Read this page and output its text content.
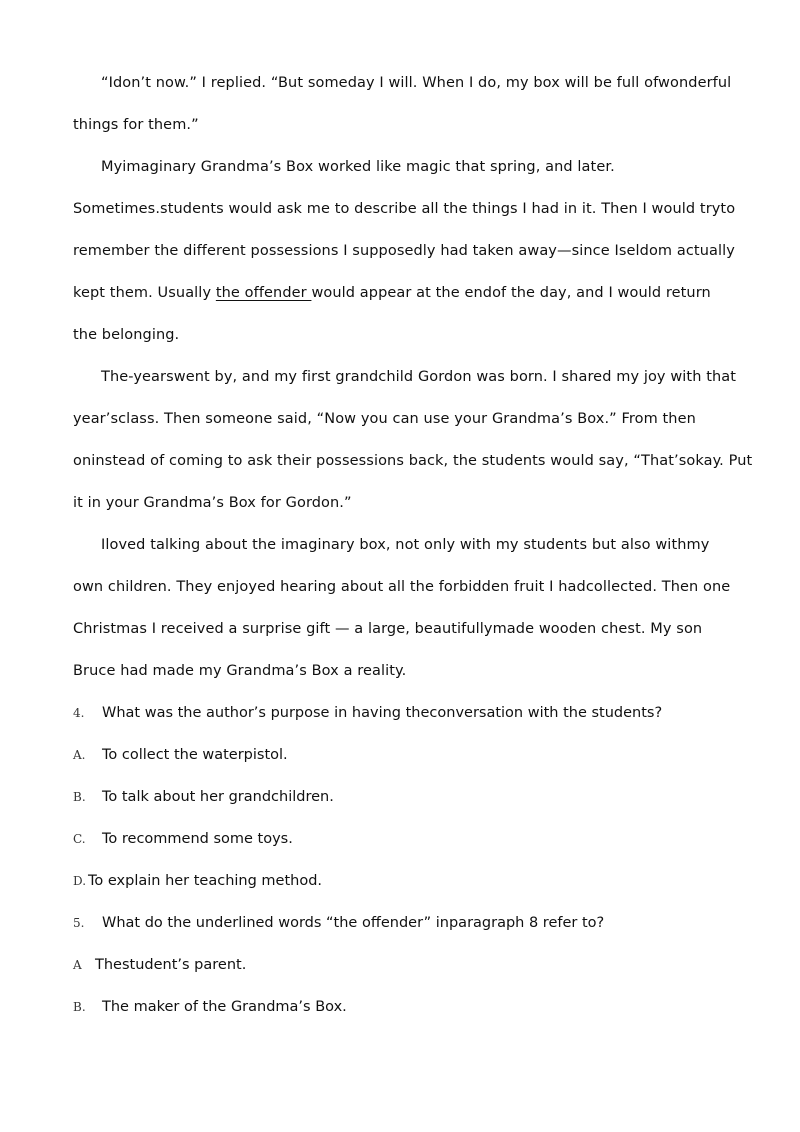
“Idon’t now.” I replied. “But someday I will. When I do, my box will be full ofwonderful
things for them.”
Myimaginary Grandma’s Box worked like magic that spring, and later.
Sometimes.students would ask me to describe all the things I had in it. Then I would tryto
remember the different possessions I supposedly had taken away—since Iseldom actually
kept them. Usually the offender would appear at the endof the day, and I would return
the belonging.
The-yearswent by, and my first grandchild Gordon was born. I shared my joy with that
year’sclass. Then someone said, “Now you can use your Grandma’s Box.” From then
oninstead of coming to ask their possessions back, the students would say, “That’sokay. Put
it in your Grandma’s Box for Gordon.”
Iloved talking about the imaginary box, not only with my students but also withmy
own children. They enjoyed hearing about all the forbidden fruit I hadcollected. Then one
Christmas I received a surprise gift — a large, beautifullymade wooden chest. My son
Bruce had made my Grandma’s Box a reality.
4. What was the author’s purpose in having theconversation with the students?
A. To collect the waterpistol.
B. To talk about her grandchildren.
C. To recommend some toys.
D. To explain her teaching method.
5. What do the underlined words “the offender” inparagraph 8 refer to?
A Thestudent’s parent.
B. The maker of the Grandma’s Box.
